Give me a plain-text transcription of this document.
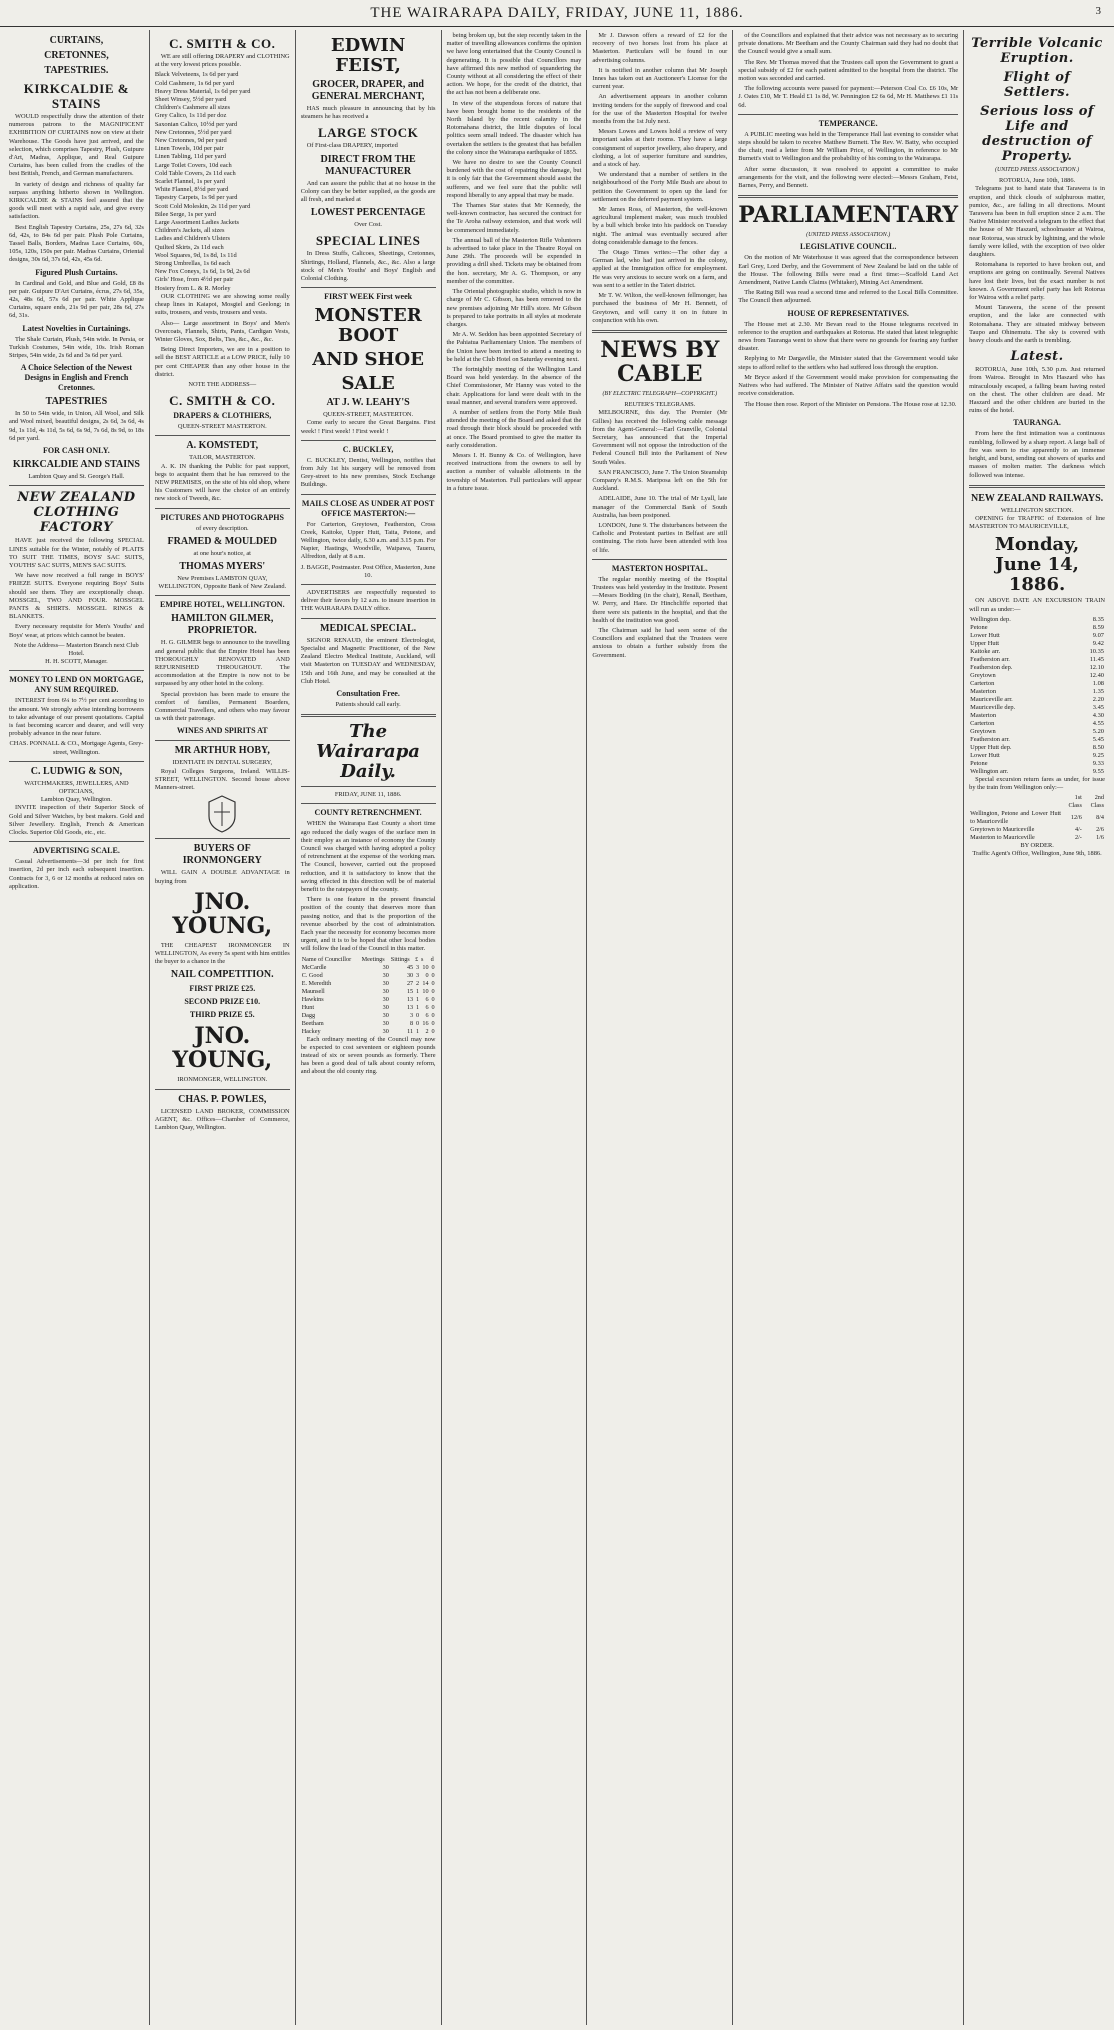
THE WAIRARAPA DAILY, FRIDAY, JUNE 11, 1886.	3
CURTAINS,
CRETONNES,
TAPESTRIES.
KIRKCALDIE & STAINS

WOULD respectfully draw the attention of their numerous patrons to the MAGNIFICENT EXHIBITION OF CURTAINS now on view at their Warehouse. The Goods have just arrived, and the selection, which comprises Tapestry, Plush, Guipure d'Art, Madras, Applique, and Real Guipure Curtains, has been culled from the cradles of the best British, French, and German manufacturers.

In variety of design and richness of quality far surpass anything hitherto shown in Wellington. KIRKCALDIE & STAINS feel assured that the goods will meet with a rapid sale, and give every satisfaction.

Best English Tapestry Curtains, 25s, 27s 6d, 32s 6d, 42s, to 84s 6d per pair. Plush Pole Curtains, Tassel Balls, Borders, Madras Lace Curtains, 60s, 105s, 120s, 150s per pair. Madras Curtains, Oriental designs, 30s 6d, 37s 6d, 42s, 45s 6d.

Figured Plush Curtains.

In Cardinal and Gold, and Blue and Gold, £8 8s per pair. Guipure D'Art Curtains, écrus, 27s 6d, 35s, 42s, 48s 6d, 57s 6d per pair. White Applique Curtains, square ends, 21s 9d per pair, 28s 6d, 27s 6d, 31s.

Latest Novelties in Curtainings.

The Shale Curtain, Plush, 54in wide. In Persia, or Turkish Costumes, 54in wide, 10s. Irish Roman Stripes, 54in wide, 2s 6d and 3s 6d per yard.

A Choice Selection of the Newest Designs in English and French Cretonnes.
TAPESTRIES

In 50 to 54in wide, in Union, All Wool, and Silk and Wool mixed, beautiful designs, 2s 6d, 3s 6d, 4s 9d, 1s 11d, 4s 11d, 5s 6d, 6s 9d, 7s 6d, 8s 9d, to 18s 6d per yard.

FOR CASH ONLY.
KIRKCALDIE AND STAINS
Lambton Quay and St. George's Hall.
NEW ZEALAND CLOTHING FACTORY

HAVE just received the following SPECIAL LINES suitable for the Winter, notably of PLAITS TO SUIT THE TIMES, BOYS' SAC SUITS, YOUTHS' SAC SUITS, MEN'S SAC SUITS.

We have now received a full range in BOYS' FRIEZE SUITS. Everyone requiring Boys' Suits should see them. They are exceptionally cheap. MOSSGEL, TWO AND FOUR. MOSSGEL PANTS & SHIRTS. MOSSGEL RINGS & BLANKETS.

Every necessary requisite for Men's Youths' and Boys' wear, at prices which cannot be beaten.

Note the Address— Masterton Branch next Club Hotel.
H. H. SCOTT, Manager.
MONEY TO LEND ON MORTGAGE, ANY SUM REQUIRED.

INTEREST from 6¼ to 7½ per cent according to the amount. We strongly advise intending borrowers to take advantage of our present quotations. Capital is fast becoming scarcer and dearer, and will very probably advance in the near future.

CHAS. PONNALL & CO., Mortgage Agents, Grey-street, Wellington.
C. LUDWIG & SON,
WATCHMAKERS, JEWELLERS, AND OPTICIANS,
Lambton Quay, Wellington.

INVITE inspection of their Superior Stock of Gold and Silver Watches, by best makers. Gold and Silver Jewellery. English, French & American Clocks. Superior Old Goods, etc., etc.

ADVERTISING SCALE.

Casual Advertisements—3d per inch for first insertion, 2d per inch each subsequent insertion. Contracts for 3, 6 or 12 months at reduced rates on application.

C. SMITH & CO.

WE are still offering DRAPERY and CLOTHING at the very lowest prices possible.

Black Velveteens, 1s 6d per yard
Cold Cashmere, 1s 6d per yard
Heavy Dress Material, 1s 6d per yard
Sheet Winsey, 5½d per yard
Children's Cashmere all sizes
Grey Calico, 1s 11d per doz
Saxonian Calico, 10½d per yard
New Cretonnes, 5½d per yard
New Cretonnes, 9d per yard
Linen Towels, 10d per pair
Linen Tabling, 11d per yard
Large Toilet Covers, 10d each
Cold Table Covers, 2s 11d each
Scarlet Flannel, 1s per yard
White Flannel, 8½d per yard
Tapestry Carpets, 1s 9d per yard
Scott Cold Moleskin, 2s 11d per yard
Bilee Serge, 1s per yard
Large Assortment Ladies Jackets
Children's Jackets, all sizes
Ladies and Children's Ulsters
Quilted Skirts, 2s 11d each
Wool Squares, 9d, 1s 8d, 1s 11d
Strong Umbrellas, 1s 6d each
New Fox Coneys, 1s 6d, 1s 9d, 2s 6d
Girls' Hose, from 4½d per pair
Hosiery from L. & R. Morley

OUR CLOTHING we are showing some really cheap lines in Kaiapoi, Mosgiel and Geelong; in suits, trousers, and vests, trousers and vests.

Also— Large assortment in Boys' and Men's Overcoats, Flannels, Shirts, Pants, Cardigan Vests, Winter Gloves, Sox, Belts, Ties, &c., &c., &c.

Being Direct Importers, we are in a position to sell the BEST ARTICLE at a LOW PRICE, fully 10 per cent CHEAPER than any other house in the district.

NOTE THE ADDRESS—
C. SMITH & CO.
DRAPERS & CLOTHIERS,
QUEEN-STREET MASTERTON.
A. KOMSTEDT,
TAILOR, MASTERTON.

A. K. IN thanking the Public for past support, begs to acquaint them that he has removed to the NEW PREMISES, on the site of his old shop, where his Customers will have the choice of an entirely new stock of Tweeds, &c.

PICTURES AND PHOTOGRAPHS
of every description.
FRAMED & MOULDED
at one hour's notice, at
THOMAS MYERS'
New Premises LAMBTON QUAY, WELLINGTON, Opposite Bank of New Zealand.
EMPIRE HOTEL, WELLINGTON.
HAMILTON GILMER, PROPRIETOR.

H. G. GILMER begs to announce to the travelling and general public that the Empire Hotel has been THOROUGHLY RENOVATED AND REFURNISHED THROUGHOUT. The accommodation at the Empire is now not to be surpassed by any other hotel in the colony.

Special provision has been made to ensure the comfort of families, Permanent Boarders, Commercial Travellers, and others who may favour us with their patronage.

WINES AND SPIRITS AT
MR ARTHUR HOBY,
IDENTIATE IN DENTAL SURGERY,

Royal Colleges Surgeons, Ireland. WILLIS-STREET, WELLINGTON. Second house above Manners-street.

BUYERS OF IRONMONGERY

WILL GAIN A DOUBLE ADVANTAGE in buying from

JNO. YOUNG,

THE CHEAPEST IRONMONGER IN WELLINGTON, As every 5s spent with him entitles the buyer to a chance in the

NAIL COMPETITION.
FIRST PRIZE £25.
SECOND PRIZE £10.
THIRD PRIZE £5.
JNO. YOUNG,
IRONMONGER, WELLINGTON.
CHAS. P. POWLES,

LICENSED LAND BROKER, COMMISSION AGENT, &c. Offices—Chamber of Commerce, Lambton Quay, Wellington.

EDWIN FEIST,
GROCER, DRAPER, and GENERAL MERCHANT,

HAS much pleasure in announcing that by his steamers he has received a

LARGE STOCK

Of First-class DRAPERY, imported

DIRECT FROM THE MANUFACTURER

And can assure the public that at no house in the Colony can they be better supplied, as the goods are all fresh, and marked at

LOWEST PERCENTAGE
Over Cost.
SPECIAL LINES

In Dress Stuffs, Calicoes, Sheetings, Cretonnes, Shirtings, Holland, Flannels, &c., &c. Also a large stock of Men's Youths' and Boys' English and Colonial Clothing.

FIRST WEEK First week
MONSTER BOOT
AND SHOE
SALE
AT J. W. LEAHY'S
QUEEN-STREET, MASTERTON.

Come early to secure the Great Bargains. First week! ! First week! ! First week! !

C. BUCKLEY,

C. BUCKLEY, Dentist, Wellington, notifies that from July 1st his surgery will be removed from Grey-street to his new premises, Stock Exchange Buildings.

MAILS CLOSE AS UNDER AT POST OFFICE MASTERTON:—

For Carterton, Greytown, Featherston, Cross Creek, Kaitoke, Upper Hutt, Taita, Petone, and Wellington, twice daily, 6.30 a.m. and 3.15 p.m. For Napier, Hastings, Woodville, Waipawa, Taueru, Alfredton, daily at 8 a.m.

J. BAGGE, Postmaster. Post Office, Masterton, June 10.

ADVERTISERS are respectfully requested to deliver their favors by 12 a.m. to insure insertion in THE WAIRARAPA DAILY office.

MEDICAL SPECIAL.

SIGNOR RENAUD, the eminent Electrologist, Specialist and Magnetic Practitioner, of the New Zealand Electro Medical Institute, Auckland, will visit Masterton on TUESDAY and WEDNESDAY, 15th and 16th June, and may be consulted at the Club Hotel.

Consultation Free.
Patients should call early.
The Wairarapa Daily.
FRIDAY, JUNE 11, 1886.
COUNTY RETRENCHMENT.

WHEN the Wairarapa East County a short time ago reduced the daily wages of the surface men in their employ as an instance of economy the County Council was charged with having adopted a policy of retrenchment at the expense of the working man. The Council, however, carried out the proposed reduction, and it is satisfactory to know that the saving effected in this direction will be of material benefit to the ratepayers of the county.

There is one feature in the present financial position of the county that deserves more than passing notice, and that is the proportion of the revenue absorbed by the cost of administration. Each year the necessity for economy becomes more urgent, and it is to be hoped that other local bodies will follow the lead of the Council in this matter.

Name of Councillor	Meetings	Sittings	£	s	d
McCardle	30	45	3	10	0
C. Good	30	30	3	0	0
E. Meredith	30	27	2	14	0
Maunsell	30	15	1	10	0
Hawkins	30	13	1	6	0
Hunt	30	13	1	6	0
Dagg	30	3	0	6	0
Beetham	30	8	0	16	0
Hackey	30	11	1	2	0

Each ordinary meeting of the Council may now be expected to cost seventeen or eighteen pounds instead of six or seven pounds as formerly. There has been a good deal of talk about county reform, and about the old county ring.

being broken up, but the step recently taken in the matter of travelling allowances confirms the opinion we have long entertained that the County Council is degenerating. It is possible that Councillors may have affirmed this new method of squandering the County without at all considering the effect of their action. We hope, for the credit of the district, that the act has not been a deliberate one.

In view of the stupendous forces of nature that have been brought home to the residents of the North Island by the recent calamity in the Rotomahana district, the little disputes of local politics seem small indeed. The disaster which has overtaken the settlers is the greatest that has befallen the colony since the Wairarapa earthquake of 1855.

We have no desire to see the County Council burdened with the cost of repairing the damage, but it is only fair that the Government should assist the sufferers, and we feel sure that the public will respond liberally to any appeal that may be made.

The Thames Star states that Mr Kennedy, the well-known contractor, has secured the contract for the Te Aroha railway extension, and that work will be commenced immediately.

The annual ball of the Masterton Rifle Volunteers is advertised to take place in the Theatre Royal on June 29th. The proceeds will be expended in providing a drill shed. Tickets may be obtained from the hon. secretary, Mr A. G. Thompson, or any member of the committee.

The Oriental photographic studio, which is now in charge of Mr C. Gibson, has been removed to the new premises adjoining Mr Hill's store. Mr Gibson is prepared to take portraits in all styles at moderate charges.

Mr A. W. Seddon has been appointed Secretary of the Pahiatua Parliamentary Union. The members of the Union have been invited to attend a meeting to be held at the Club Hotel on Saturday evening next.

The fortnightly meeting of the Wellington Land Board was held yesterday. In the absence of the Chief Commissioner, Mr Hanny was voted to the chair. Applications for land were dealt with in the usual manner, and several transfers were approved.

A number of settlers from the Forty Mile Bush attended the meeting of the Board and asked that the road through their block should be proceeded with at once. The Board promised to give the matter its early consideration.

Messrs I. H. Bunny & Co. of Wellington, have received instructions from the owners to sell by auction a number of valuable allotments in the township of Masterton. Full particulars will appear in a future issue.

Mr J. Dawson offers a reward of £2 for the recovery of two horses lost from his place at Masterton. Particulars will be found in our advertising columns.

It is notified in another column that Mr Joseph Innes has taken out an Auctioneer's License for the current year.

An advertisement appears in another column inviting tenders for the supply of firewood and coal for the use of the Masterton Hospital for twelve months from the 1st July next.

Messrs Lowes and Lowes hold a review of very important sales at their rooms. They have a large consignment of superior jewellery, also drapery, and clothing, a lot of superior furniture and sundries, and a stock of hay.

We understand that a number of settlers in the neighbourhood of the Forty Mile Bush are about to petition the Government to open up the land for settlement on the deferred payment system.

Mr James Ross, of Masterton, the well-known agricultural implement maker, was much troubled by a bull which broke into his paddock on Tuesday night. The animal was eventually secured after doing considerable damage to the fences.

The Otago Times writes:—The other day a German lad, who had just arrived in the colony, applied at the Immigration office for employment. He was very anxious to secure work on a farm, and was sent to a settler in the Taieri district.

Mr T. W. Wilton, the well-known fellmonger, has purchased the business of Mr H. Bennett, of Greytown, and will carry it on in future in conjunction with his own.

NEWS BY CABLE
(BY ELECTRIC TELEGRAPH—COPYRIGHT.)
REUTER'S TELEGRAMS.

MELBOURNE, this day. The Premier (Mr Gillies) has received the following cable message from the Agent-General:—Earl Granville, Colonial Secretary, has announced that the Imperial Government will not oppose the introduction of the Federal Council Bill into the Parliament of New South Wales.

SAN FRANCISCO, June 7. The Union Steamship Company's R.M.S. Mariposa left on the 5th for Auckland.

ADELAIDE, June 10. The trial of Mr Lyall, late manager of the Commercial Bank of South Australia, has been postponed.

LONDON, June 9. The disturbances between the Catholic and Protestant parties in Belfast are still continuing. The riots have been attended with loss of life.

MASTERTON HOSPITAL.

The regular monthly meeting of the Hospital Trustees was held yesterday in the Institute. Present—Messrs Bodding (in the chair), Renall, Beetham, W. Perry, and Hare. Dr Hinchcliffe reported that there were six patients in the hospital, and that the health of the institution was good.

The Chairman said he had seen some of the Councillors and explained that the Trustees were anxious to obtain a further subsidy from the Government.

of the Councillors and explained that their advice was not necessary as to securing private donations. Mr Beetham and the County Chairman said they had no doubt that the Council would give a small sum.

The Rev. Mr Thomas moved that the Trustees call upon the Government to grant a special subsidy of £2 for each patient admitted to the hospital from the district. The motion was seconded and carried.

The following accounts were passed for payment:—Peterson Coal Co. £6 10s, Mr J. Oates £10, Mr T. Heald £1 1s 8d, W. Pennington £2 6s 6d, Mr H. Matthews £1 11s 6d.

TEMPERANCE.

A PUBLIC meeting was held in the Temperance Hall last evening to consider what steps should be taken to receive Matthew Burnett. The Rev. W. Batty, who occupied the chair, read a letter from Mr William Price, of Wellington, in reference to Mr Burnett's visit to Wellington and the probability of his coming to the Wairarapa.

After some discussion, it was resolved to appoint a committee to make arrangements for the visit, and the following were elected:—Messrs Graham, Feist, Barnes, Perry, and Bennett.

PARLIAMENTARY
(UNITED PRESS ASSOCIATION.)
LEGISLATIVE COUNCIL.

On the motion of Mr Waterhouse it was agreed that the correspondence between Earl Grey, Lord Derby, and the Government of New Zealand be laid on the table of the House. The following Bills were read a first time:—Scaffold Land Act Amendment, Native Lands Claims (Whitaker), Mining Act Amendment.

The Rating Bill was read a second time and referred to the Local Bills Committee. The Council then adjourned.

HOUSE OF REPRESENTATIVES.

The House met at 2.30. Mr Bevan read to the House telegrams received in reference to the eruption and earthquakes at Rotorua. He stated that latest telegraphic news from Tauranga went to show that there were no grounds for fearing any further disaster.

Replying to Mr Dargaville, the Minister stated that the Government would take steps to afford relief to the settlers who had suffered loss through the eruption.

Mr Bryce asked if the Government would make provision for compensating the Natives who had suffered. The Minister of Native Affairs said the question would receive consideration.

The House then rose. Report of the Minister on Pensions. The House rose at 12.30.

Terrible Volcanic Eruption.
Flight of Settlers.
Serious loss of Life and destruction of Property.
(UNITED PRESS ASSOCIATION.)
ROTORUA, June 10th, 1886.

Telegrams just to hand state that Tarawera is in eruption, and thick clouds of sulphurous matter, pumice, &c., are falling in all directions. Mount Tarawera has been in full eruption since 2 a.m. The Native Minister received a telegram to the effect that the house of Mr Haszard, schoolmaster at Wairoa, near Rotorua, was struck by lightning, and the whole family were killed, with the exception of two older daughters.

Rotomahana is reported to have broken out, and eruptions are going on continually. Several Natives have lost their lives, but the exact number is not known. A Government relief party has left Rotorua for Wairoa with a relief party.

Mount Tarawera, the scene of the present eruption, and the lake are connected with Rotomahana. They are situated midway between Taupo and Ohinemutu. The sky is covered with heavy clouds and the earth is trembling.

Latest.

ROTORUA, June 10th, 5.30 p.m. Just returned from Wairoa. Brought in Mrs Haszard who has miraculously escaped, a falling beam having rested on the chest. The other children are dead. Mr Haszard and the other children are buried in the ruins of the hotel.

TAURANGA.

From here the first intimation was a continuous rumbling, followed by a sharp report. A large ball of fire was seen to rise apparently to an immense height, and burst, sending out showers of sparks and masses of molten matter. The darkness which followed was intense.

NEW ZEALAND RAILWAYS.
WELLINGTON SECTION.

OPENING for TRAFFIC of Extension of line MASTERTON TO MAURICEVILLE,

Monday, June 14, 1886.

ON ABOVE DATE AN EXCURSION TRAIN will run as under:—

Wellington dep.	8.35
Petone	8.59
Lower Hutt	9.07
Upper Hutt	9.42
Kaitoke arr.	10.35
Featherston arr.	11.45
Featherston dep.	12.10
Greytown	12.40
Carterton	1.08
Masterton	1.35
Mauriceville arr.	2.20
Mauriceville dep.	3.45
Masterton	4.30
Carterton	4.55
Greytown	5.20
Featherston arr.	5.45
Upper Hutt dep.	8.50
Lower Hutt	9.25
Petone	9.33
Wellington arr.	9.55

Special excursion return fares as under, for issue by the train from Wellington only:—

	1st Class	2nd Class
Wellington, Petone and Lower Hutt to Mauriceville	12/6	8/4
Greytown to Mauriceville	4/-	2/6
Masterton to Mauriceville	2/-	1/6
BY ORDER.
Traffic Agent's Office, Wellington, June 9th, 1886.
